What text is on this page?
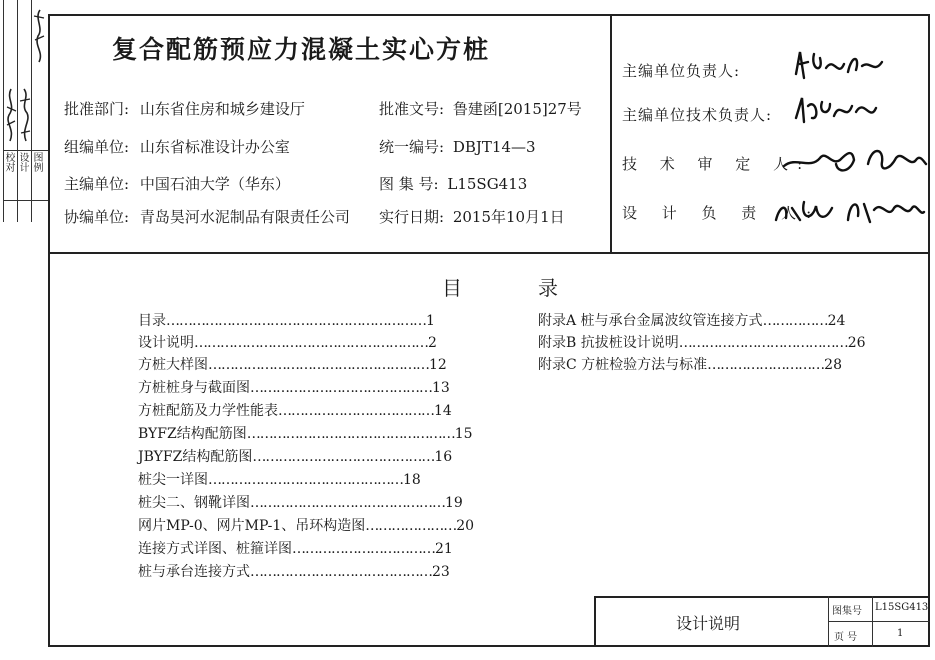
校 对
设 计
图 例
复合配筋预应力混凝土实心方桩
批准部门: 山东省住房和城乡建设厅
组编单位: 山东省标准设计办公室
主编单位: 中国石油大学（华东）
协编单位: 青岛昊河水泥制品有限责任公司
批准文号: 鲁建函[2015]27号
统一编号: DBJT14—3
图 集 号: L15SG413
实行日期: 2015年10月1日
主编单位负责人:
主编单位技术负责人:
技 术 审 定 人:
设 计 负 责 人:
目	录
目录……………………………………………………1
设计说明………………………………………………2
方桩大样图……………………………………………12
方桩桩身与截面图……………………………………13
方桩配筋及力学性能表………………………………14
BYFZ结构配筋图…………………………………………15
JBYFZ结构配筋图……………………………………16
桩尖一详图………………………………………18
桩尖二、钢靴详图………………………………………19
网片MP-0、网片MP-1、吊环构造图…………………20
连接方式详图、桩箍详图……………………………21
桩与承台连接方式……………………………………23
附录A 桩与承台金属波纹管连接方式……………24
附录B 抗拔桩设计说明…………………………………26
附录C 方桩检验方法与标准………………………28
设计说明
图集号 L15SG413
页 号	1
